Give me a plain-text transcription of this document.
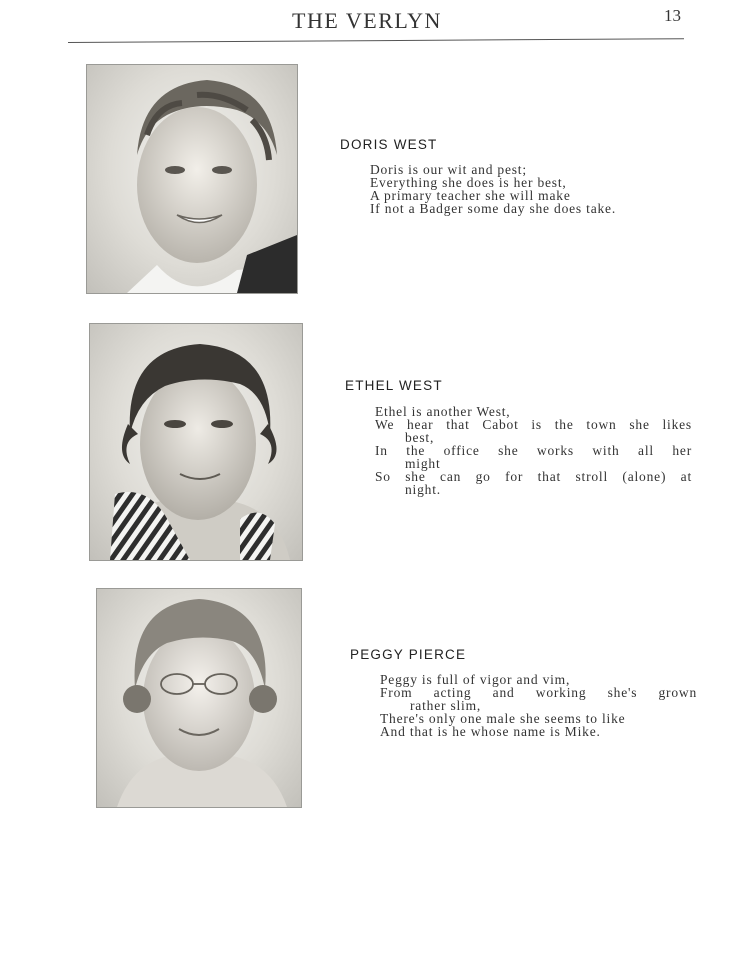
THE VERLYN	13
DORIS WEST
Doris is our wit and pest;
Everything she does is her best,
A primary teacher she will make
If not a Badger some day she does take.
ETHEL WEST
Ethel is another West,
We hear that Cabot is the town she likes
best,
In the office she works with all her
might
So she can go for that stroll (alone) at
night.
PEGGY PIERCE
Peggy is full of vigor and vim,
From acting and working she's grown
rather slim,
There's only one male she seems to like
And that is he whose name is Mike.
